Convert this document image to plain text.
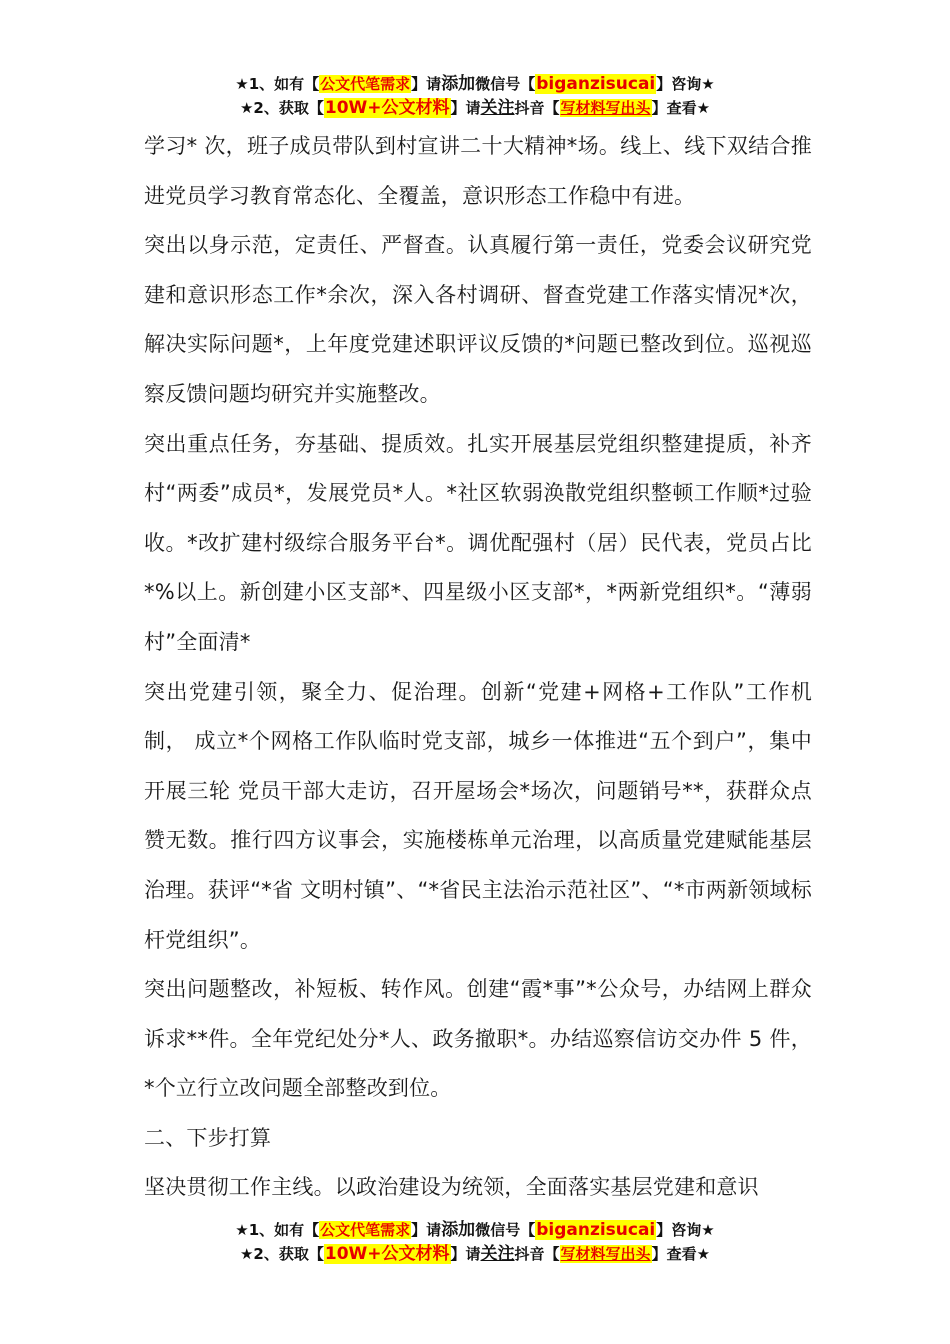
★1、如有【公文代笔需求】请添加微信号【biganzisucai】咨询★
★2、获取【10W+公文材料】请关注抖音【写材料写出头】查看★

学习* 次，班子成员带队到村宣讲二十大精神*场。线上、线下双结合推进党员学习教育常态化、全覆盖，意识形态工作稳中有进。

突出以身示范，定责任、严督查。认真履行第一责任，党委会议研究党建和意识形态工作*余次，深入各村调研、督查党建工作落实情况*次，解决实际问题*，上年度党建述职评议反馈的*问题已整改到位。巡视巡察反馈问题均研究并实施整改。

突出重点任务，夯基础、提质效。扎实开展基层党组织整建提质，补齐村“两委”成员*，发展党员*人。*社区软弱涣散党组织整顿工作顺*过验收。*改扩建村级综合服务平台*。调优配强村（居）民代表，党员占比*%以上。新创建小区支部*、四星级小区支部*，*两新党组织*。“薄弱村”全面清*

突出党建引领，聚全力、促治理。创新“党建+网格+工作队”工作机制， 成立*个网格工作队临时党支部，城乡一体推进“五个到户”，集中开展三轮 党员干部大走访，召开屋场会*场次，问题销号**，获群众点赞无数。推行四方议事会，实施楼栋单元治理，以高质量党建赋能基层治理。获评“*省 文明村镇”、“*省民主法治示范社区”、“*市两新领域标杆党组织”。

突出问题整改，补短板、转作风。创建“霞*事”*公众号，办结网上群众诉求**件。全年党纪处分*人、政务撤职*。办结巡察信访交办件 5 件，*个立行立改问题全部整改到位。

二、下步打算

坚决贯彻工作主线。以政治建设为统领，全面落实基层党建和意识

★1、如有【公文代笔需求】请添加微信号【biganzisucai】咨询★
★2、获取【10W+公文材料】请关注抖音【写材料写出头】查看★
